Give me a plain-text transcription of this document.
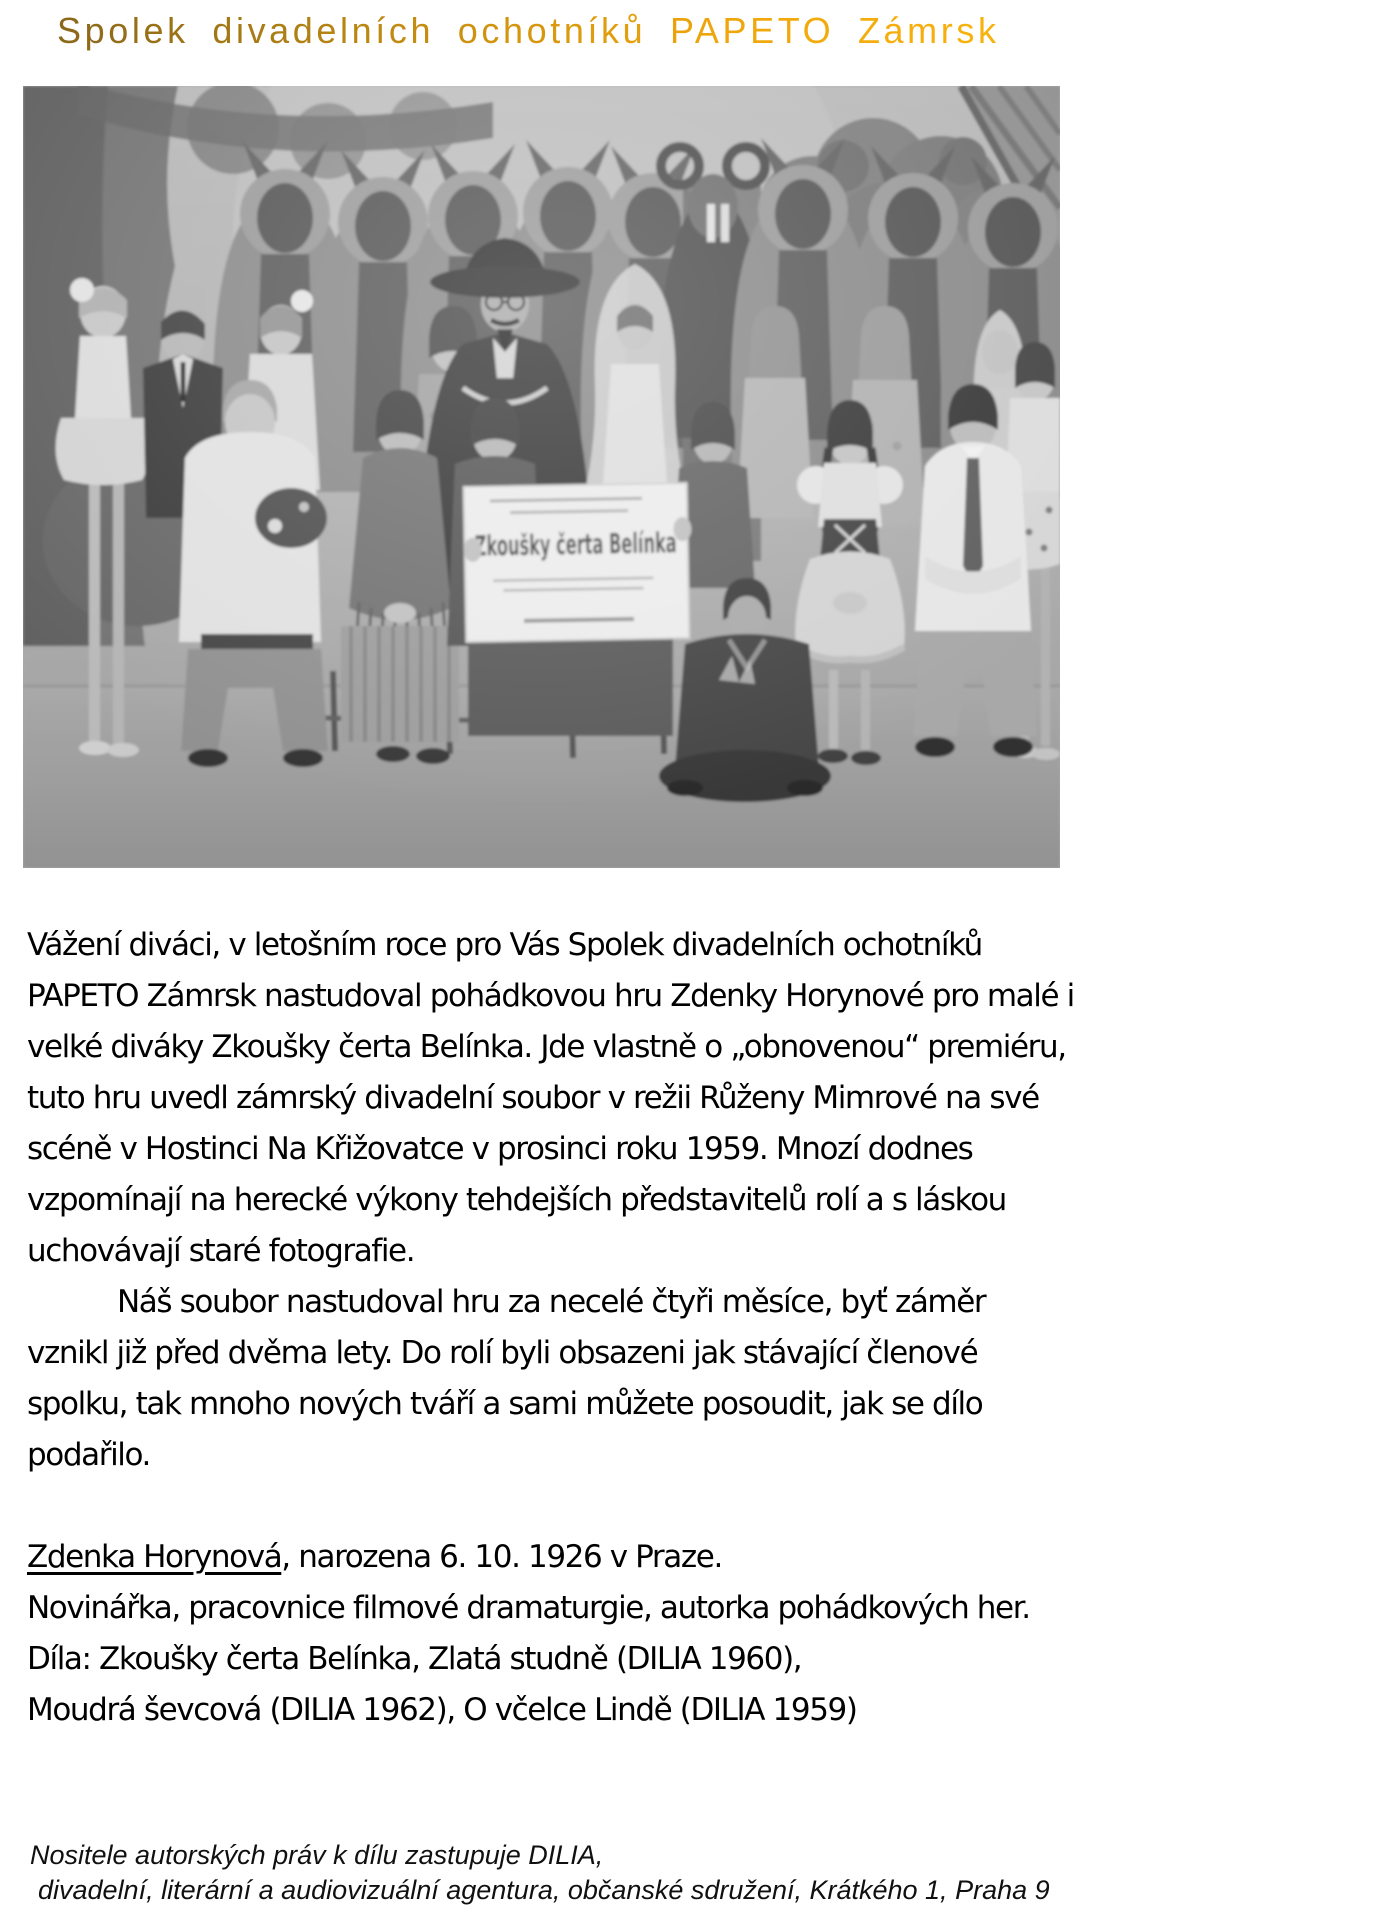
Spolek divadelních ochotníků PAPETO Zámrsk
Vážení diváci, v letošním roce pro Vás Spolek divadelních ochotníků
PAPETO Zámrsk nastudoval pohádkovou hru Zdenky Horynové pro malé i
velké diváky Zkoušky čerta Belínka. Jde vlastně o „obnovenou“ premiéru,
tuto hru uvedl zámrský divadelní soubor v režii Růženy Mimrové na své
scéně v Hostinci Na Křižovatce v prosinci roku 1959. Mnozí dodnes
vzpomínají na herecké výkony tehdejších představitelů rolí a s láskou
uchovávají staré fotografie.
Náš soubor nastudoval hru za necelé čtyři měsíce, byť záměr
vznikl již před dvěma lety. Do rolí byli obsazeni jak stávající členové
spolku, tak mnoho nových tváří a sami můžete posoudit, jak se dílo
podařilo.
Zdenka Horynová, narozena 6. 10. 1926 v Praze.
Novinářka, pracovnice filmové dramaturgie, autorka pohádkových her.
Díla: Zkoušky čerta Belínka, Zlatá studně (DILIA 1960),
Moudrá ševcová (DILIA 1962), O včelce Lindě (DILIA 1959)
Nositele autorských práv k dílu zastupuje DILIA,
divadelní, literární a audiovizuální agentura, občanské sdružení, Krátkého 1, Praha 9
